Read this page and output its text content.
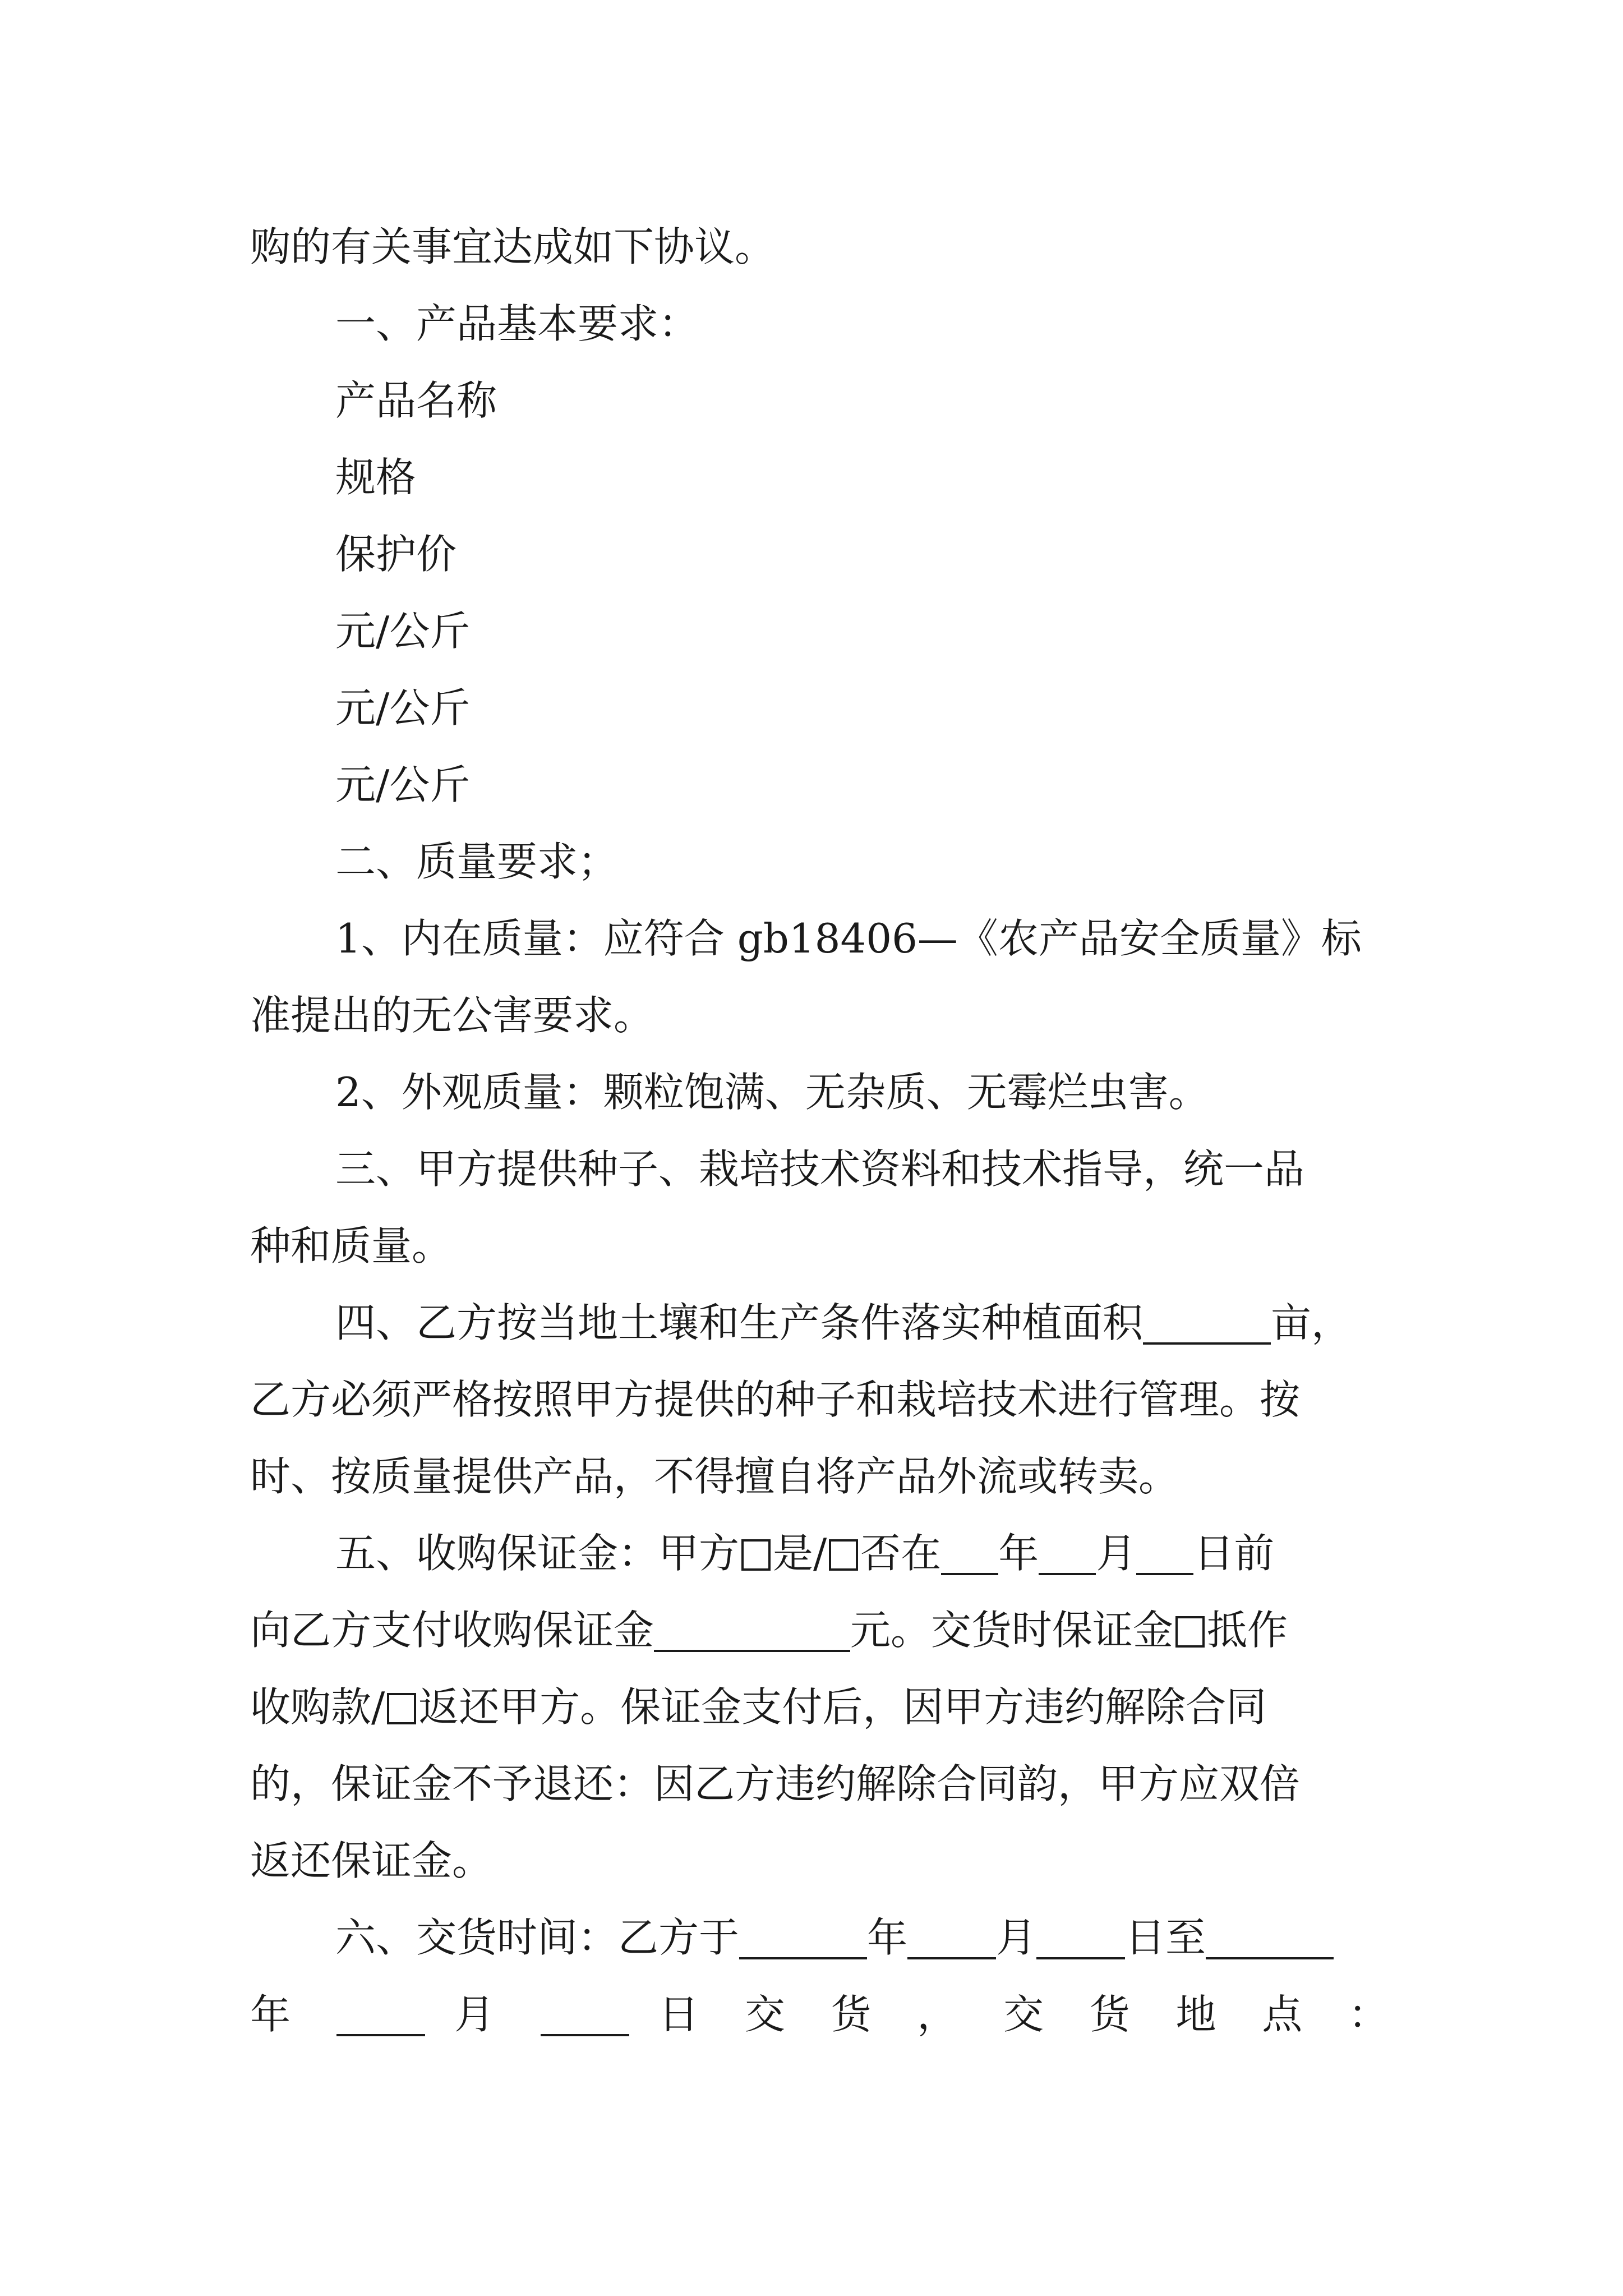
购的有关事宜达成如下协议。

一、产品基本要求：

产品名称

规格

保护价

元/公斤

元/公斤

元/公斤

二、质量要求；

1、内在质量：应符合 gb18406—《农产品安全质量》标

准提出的无公害要求。

2、外观质量：颗粒饱满、无杂质、无霉烂虫害。

三、甲方提供种子、栽培技术资料和技术指导，统一品

种和质量。

四、乙方按当地土壤和生产条件落实种植面积	亩，

乙方必须严格按照甲方提供的种子和栽培技术进行管理。按

时、按质量提供产品，不得擅自将产品外流或转卖。

五、收购保证金：甲方 是/ 否在 年 月 日前

向乙方支付收购保证金	元。交货时保证金 抵作

收购款/ 返还甲方。保证金支付后，因甲方违约解除合同

的，保证金不予退还：因乙方违约解除合同韵，甲方应双倍

返还保证金。

六、交货时间：乙方于	年 月 日至

年	月	日 交 货 ， 交 货 地 点 ：
